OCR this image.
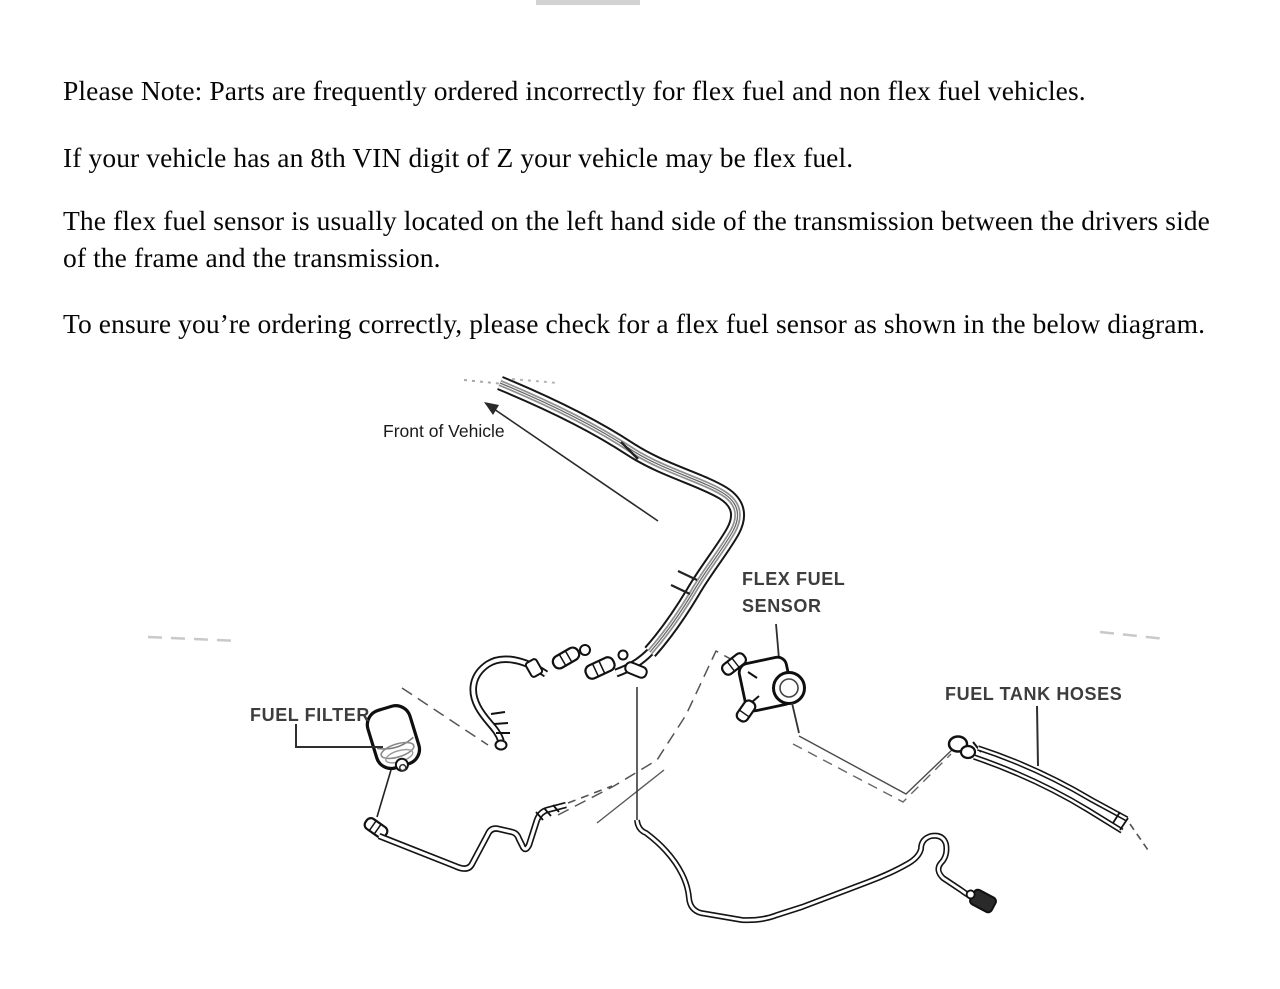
Please Note: Parts are frequently ordered incorrectly for flex fuel and non flex fuel vehicles.

If your vehicle has an 8th VIN digit of Z your vehicle may be flex fuel.

The flex fuel sensor is usually located on the left hand side of the transmission between the drivers side of the frame and the transmission.

To ensure you’re ordering correctly, please check for a flex fuel sensor as shown in the below diagram.

Front of Vehicle
FUEL FILTER
FLEX FUEL
SENSOR
FUEL TANK HOSES
